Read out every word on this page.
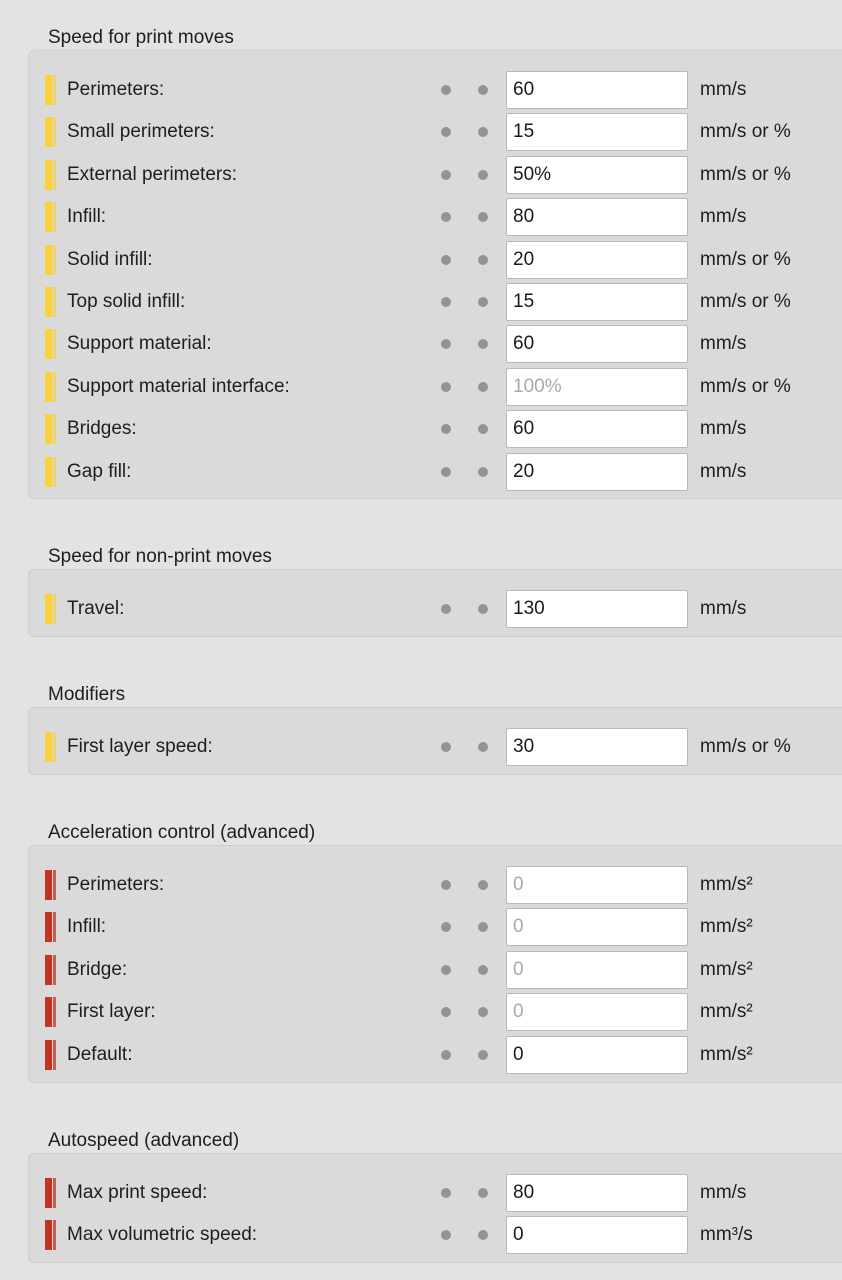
Speed for print moves
Perimeters:	60	mm/s
Small perimeters:	15	mm/s or %
External perimeters:	50%	mm/s or %
Infill:	80	mm/s
Solid infill:	20	mm/s or %
Top solid infill:	15	mm/s or %
Support material:	60	mm/s
Support material interface:	100%	mm/s or %
Bridges:	60	mm/s
Gap fill:	20	mm/s
Speed for non-print moves
Travel:	130	mm/s
Modifiers
First layer speed:	30	mm/s or %
Acceleration control (advanced)
Perimeters:	0	mm/s²
Infill:	0	mm/s²
Bridge:	0	mm/s²
First layer:	0	mm/s²
Default:	0	mm/s²
Autospeed (advanced)
Max print speed:	80	mm/s
Max volumetric speed:	0	mm³/s
